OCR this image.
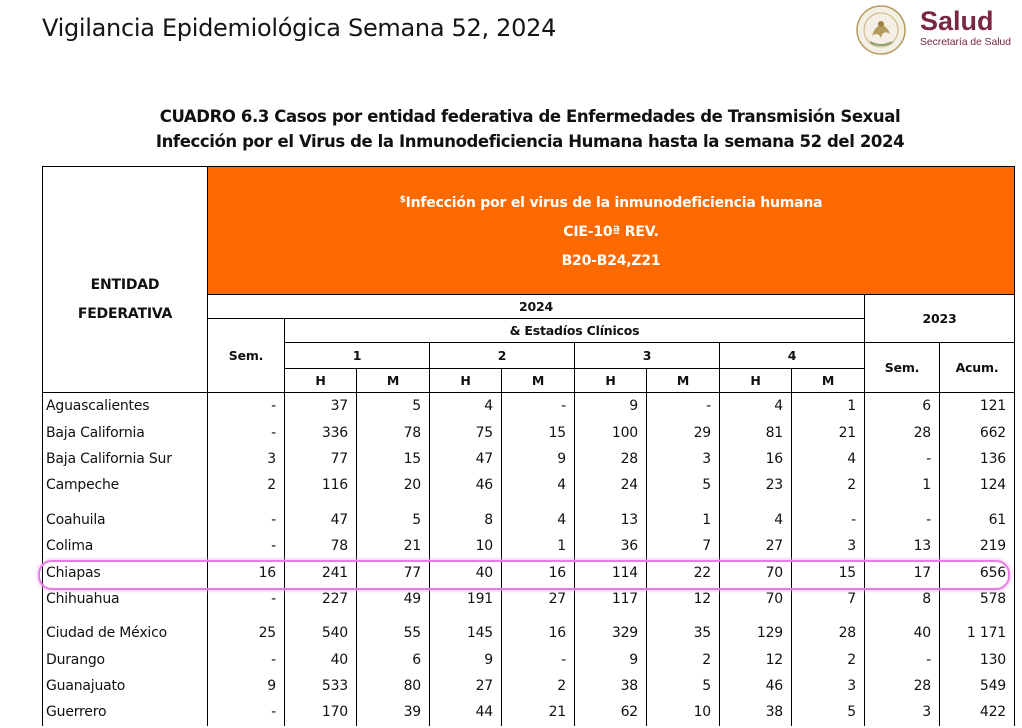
Vigilancia Epidemiológica Semana 52, 2024	Salud
Secretaría de Salud
CUADRO 6.3 Casos por entidad federativa de Enfermedades de Transmisión Sexual
Infección por el Virus de la Inmunodeficiencia Humana hasta la semana 52 del 2024
ENTIDAD
FEDERATIVA	$Infección por el virus de la inmunodeficiencia humana
CIE-10ª REV.
B20-B24,Z21										

	2024									2023	
	Sem.	& Estadíos Clínicos									
		1		2		3		4		Sem.	Acum.
		H	M	H	M	H	M	H	M		
Aguascalientes	-	37	5	4	-	9	-	4	1	6	121
Baja California	-	336	78	75	15	100	29	81	21	28	662
Baja California Sur	3	77	15	47	9	28	3	16	4	-	136
Campeche	2	116	20	46	4	24	5	23	2	1	124
Coahuila	-	47	5	8	4	13	1	4	-	-	61
Colima	-	78	21	10	1	36	7	27	3	13	219
Chiapas	16	241	77	40	16	114	22	70	15	17	656
Chihuahua	-	227	49	191	27	117	12	70	7	8	578
Ciudad de México	25	540	55	145	16	329	35	129	28	40	1 171
Durango	-	40	6	9	-	9	2	12	2	-	130
Guanajuato	9	533	80	27	2	38	5	46	3	28	549
Guerrero	-	170	39	44	21	62	10	38	5	3	422
